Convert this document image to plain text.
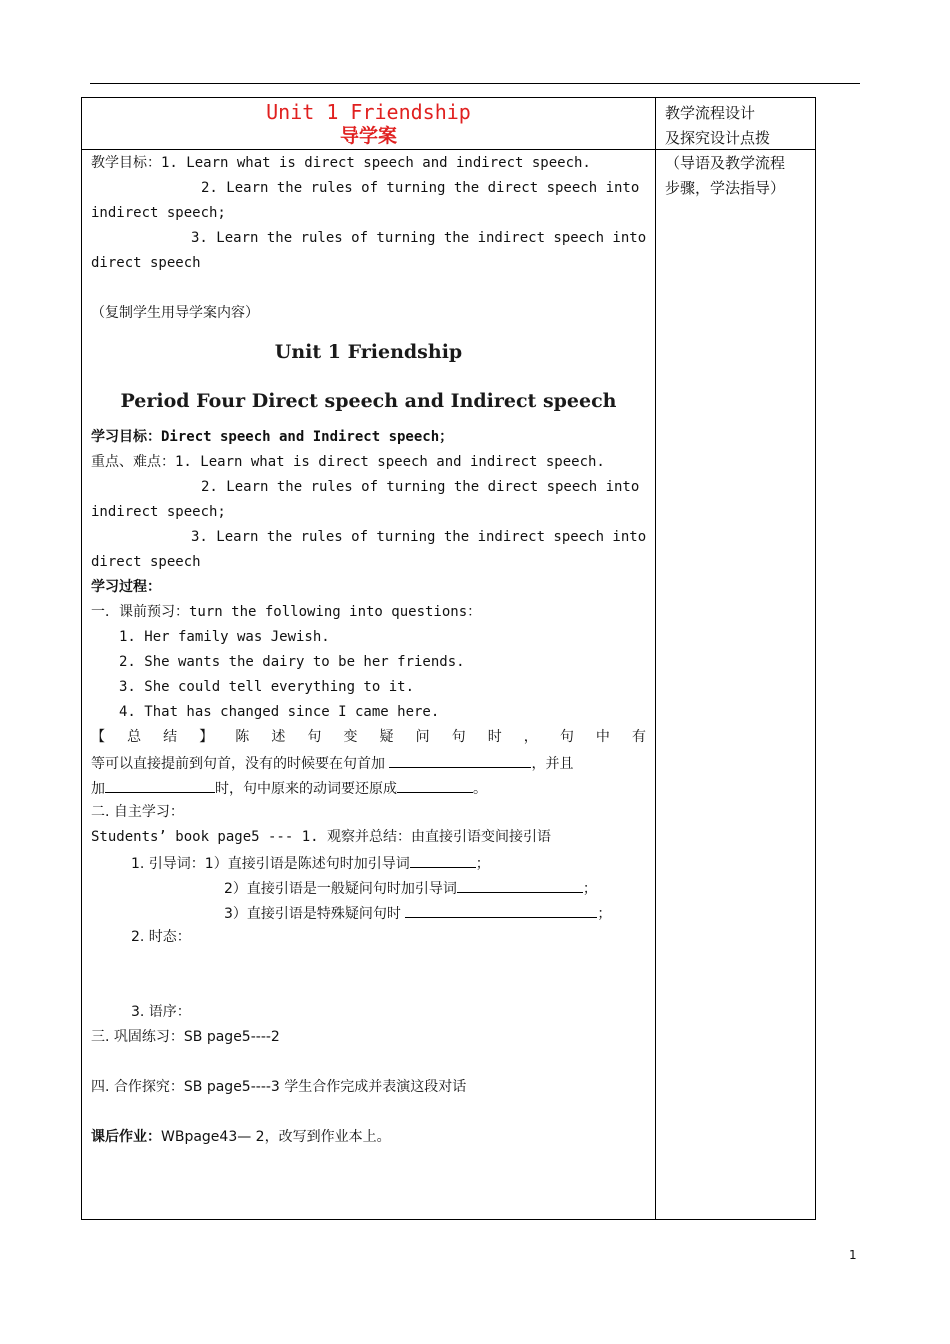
Unit 1 Friendship
导学案
教学流程设计
及探究设计点拨
（导语及教学流程
步骤，学法指导）
教学目标：1. Learn what is direct speech and indirect speech.
2. Learn the rules of turning the direct speech into
indirect speech;
3. Learn the rules of turning the indirect speech into
direct speech
（复制学生用导学案内容）
Unit 1 Friendship
Period Four Direct speech and Indirect speech
学习目标：Direct speech and Indirect speech；
重点、难点：1. Learn what is direct speech and indirect speech.
2. Learn the rules of turning the direct speech into
indirect speech;
3. Learn the rules of turning the indirect speech into
direct speech
学习过程：
一．课前预习：turn the following into questions：
1. Her family was Jewish.
2. She wants the dairy to be her friends.
3. She could tell everything to it.
4. That has changed since I came here.
【 总 结 】 陈 述 句 变 疑 问 句 时 ， 句 中 有
等可以直接提前到句首，没有的时候要在句首加	，并且
加	时，句中原来的动词要还原成	。
二. 自主学习：
Students’ book page5 --- 1. 观察并总结：由直接引语变间接引语
1. 引导词：1）直接引语是陈述句时加引导词	；
2）直接引语是一般疑问句时加引导词	；
3）直接引语是特殊疑问句时	；
2. 时态：
3. 语序：
三. 巩固练习：SB page5----2
四. 合作探究：SB page5----3 学生合作完成并表演这段对话
课后作业：WBpage43— 2，改写到作业本上。
1
